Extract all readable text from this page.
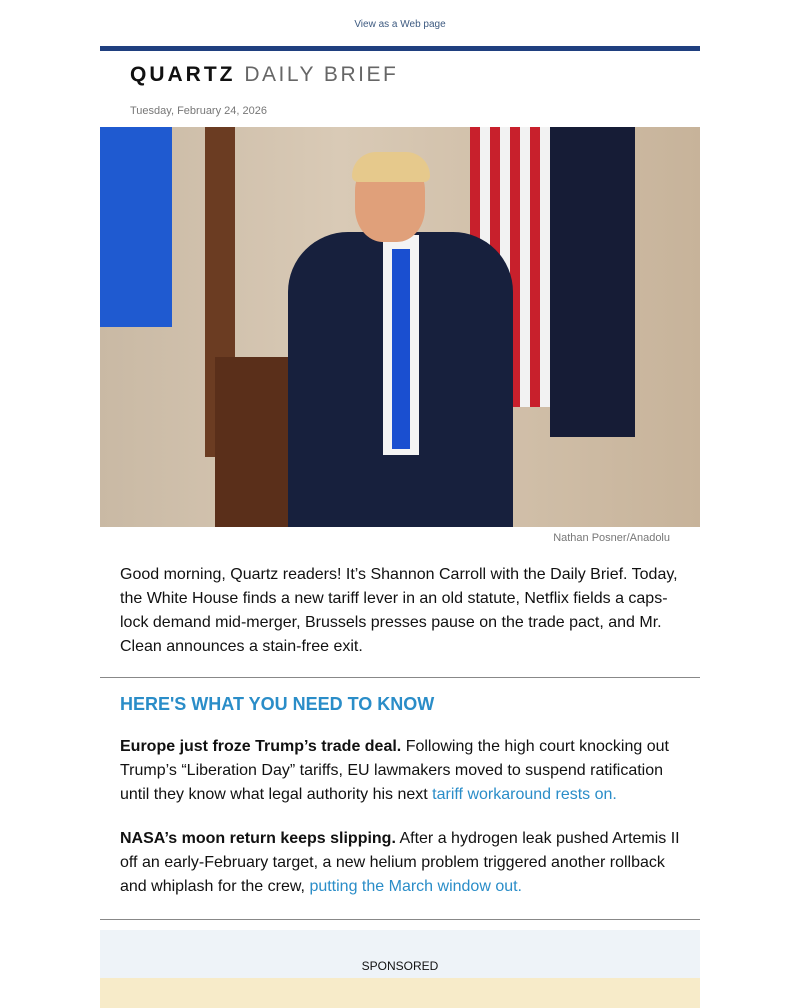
View as a Web page
QUARTZ DAILY BRIEF
Tuesday, February 24, 2026
Nathan Posner/Anadolu
Good morning, Quartz readers! It’s Shannon Carroll with the Daily Brief. Today, the White House finds a new tariff lever in an old statute, Netflix fields a caps-lock demand mid-merger, Brussels presses pause on the trade pact, and Mr. Clean announces a stain-free exit.
HERE'S WHAT YOU NEED TO KNOW
Europe just froze Trump’s trade deal. Following the high court knocking out Trump’s “Liberation Day” tariffs, EU lawmakers moved to suspend ratification until they know what legal authority his next tariff workaround rests on.
NASA’s moon return keeps slipping. After a hydrogen leak pushed Artemis II off an early-February target, a new helium problem triggered another rollback and whiplash for the crew, putting the March window out.
SPONSORED
